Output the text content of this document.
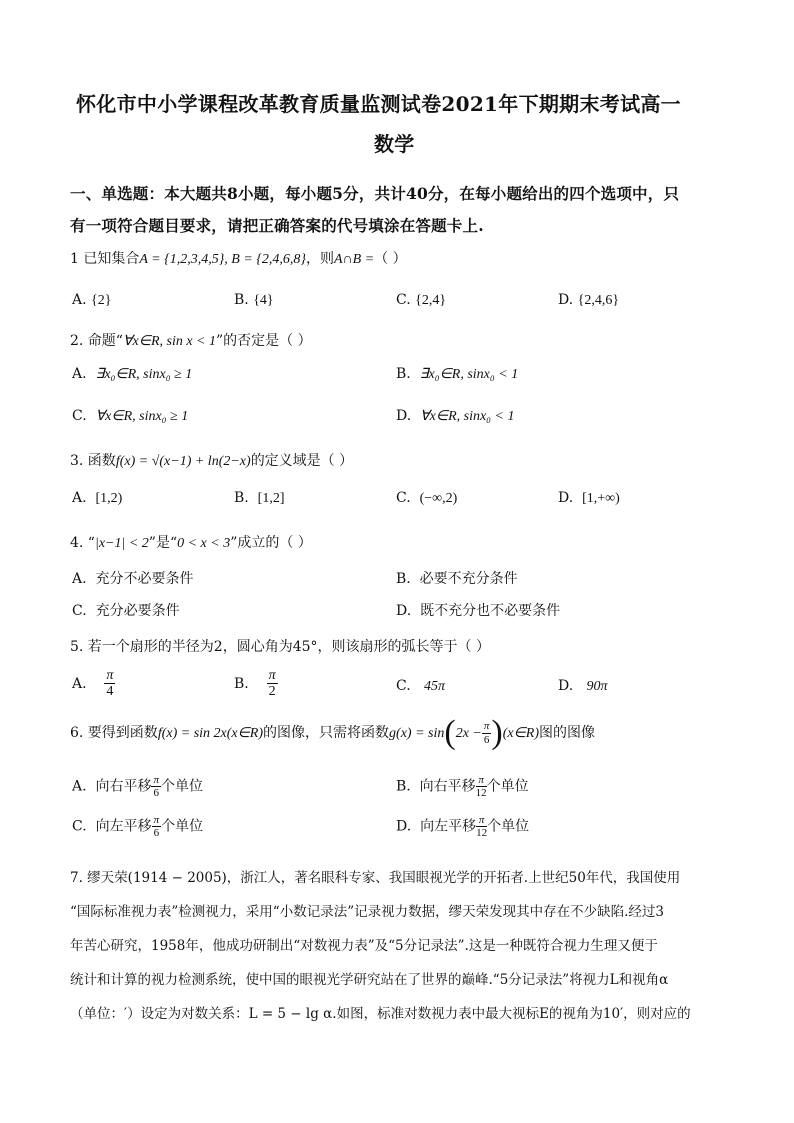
怀化市中小学课程改革教育质量监测试卷2021年下期期末考试高一
数学
一、单选题：本大题共8小题，每小题5分，共计40分，在每小题给出的四个选项中，只
有一项符合题目要求，请把正确答案的代号填涂在答题卡上.
1 已知集合A = {1,2,3,4,5}, B = {2,4,6,8}，则A∩B =（ ）
A. {2}	B. {4}	C. {2,4}	D. {2,4,6}
2. 命题“∀x∈R, sin x < 1”的否定是（ ）
A. ∃x₀∈R, sinx₀ ≥ 1	B. ∃x₀∈R, sinx₀ < 1
C. ∀x∈R, sinx₀ ≥ 1	D. ∀x∈R, sinx₀ < 1
3. 函数f(x) = √(x−1) + ln(2−x)的定义域是（ ）
A. [1,2)	B. [1,2]	C. (−∞,2)	D. [1,+∞)
4. “|x−1| < 2”是“0 < x < 3”成立的（ ）
A. 充分不必要条件	B. 必要不充分条件
C. 充分必要条件	D. 既不充分也不必要条件
5. 若一个扇形的半径为2，圆心角为45°，则该扇形的弧长等于（ ）
A. $\frac{\pi}{4}$	B. $\frac{\pi}{2}$	C. 45π	D. 90π
6. 要得到函数f(x) = sin 2x(x∈R)的图像，只需将函数$g(x) = \sin(2x - \frac{\pi}{6}$ )(x∈R)图的图像
A. 向右平移 $\frac{\pi}{6}$ 个单位	B. 向右平移 $\frac{\pi}{12}$ 个单位
C. 向左平移 $\frac{\pi}{6}$ 个单位	D. 向左平移 $\frac{\pi}{12}$ 个单位
7. 缪天荣(1914 − 2005)，浙江人，著名眼科专家、我国眼视光学的开拓者.上世纪50年代，我国使用
“国际标准视力表”检测视力，采用“小数记录法”记录视力数据，缪天荣发现其中存在不少缺陷.经过3
年苦心研究，1958年，他成功研制出“对数视力表”及“5分记录法”.这是一种既符合视力生理又便于
统计和计算的视力检测系统，使中国的眼视光学研究站在了世界的巅峰.“5分记录法”将视力L和视角α
（单位：′）设定为对数关系：L = 5 − lg α.如图，标准对数视力表中最大视标E的视角为10′，则对应的
